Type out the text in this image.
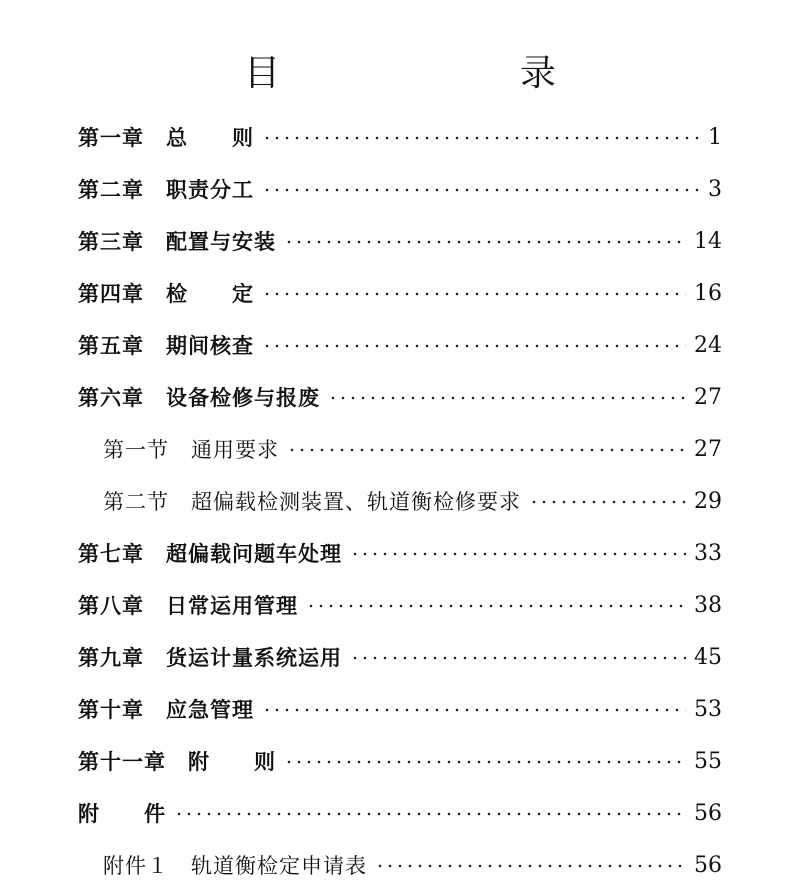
目　　录
第一章　总　　则	1
第二章　职责分工	3
第三章　配置与安装	14
第四章　检　　定	16
第五章　期间核查	24
第六章　设备检修与报废	27
第一节　通用要求	27
第二节　超偏载检测装置、轨道衡检修要求	29
第七章　超偏载问题车处理	33
第八章　日常运用管理	38
第九章　货运计量系统运用	45
第十章　应急管理	53
第十一章　附　　则	55
附　　件	56
附件１　轨道衡检定申请表	56
